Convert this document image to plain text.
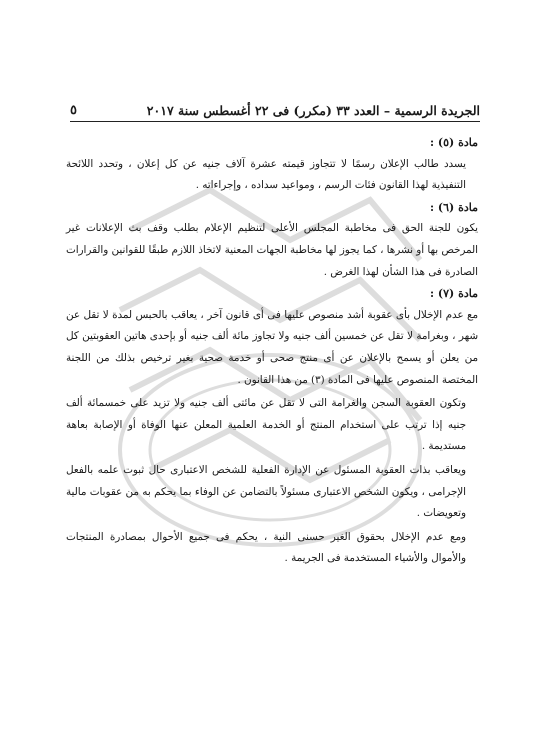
الجريدة الرسمية – العدد ٣٣ (مكرر) فى ٢٢ أغسطس سنة ٢٠١٧
٥

مادة (٥) :

يسدد طالب الإعلان رسمًا لا تتجاوز قيمته عشرة آلاف جنيه عن كل إعلان ، وتحدد اللائحة التنفيذية لهذا القانون فئات الرسم ، ومواعيد سداده ، وإجراءاته .

مادة (٦) :

يكون للجنة الحق فى مخاطبة المجلس الأعلى لتنظيم الإعلام بطلب وقف بث الإعلانات غير المرخص بها أو نشرها ، كما يجوز لها مخاطبة الجهات المعنية لاتخاذ اللازم طبقًا للقوانين والقرارات الصادرة فى هذا الشأن لهذا الغرض .

مادة (٧) :

مع عدم الإخلال بأى عقوبة أشد منصوص عليها فى أى قانون آخر ، يعاقب بالحبس لمدة لا تقل عن شهر ، وبغرامة لا تقل عن خمسين ألف جنيه ولا تجاوز مائة ألف جنيه أو بإحدى هاتين العقوبتين كل من يعلن أو يسمح بالإعلان عن أى منتج صحى أو خدمة صحية بغير ترخيص بذلك من اللجنة المختصة المنصوص عليها فى المادة (٣) من هذا القانون .

وتكون العقوبة السجن والغرامة التى لا تقل عن مائتى ألف جنيه ولا تزيد على خمسمائة ألف جنيه إذا ترتب على استخدام المنتج أو الخدمة العلمية المعلن عنها الوفاة أو الإصابة بعاهة مستديمة .

ويعاقب بذات العقوبة المسئول عن الإدارة الفعلية للشخص الاعتبارى حال ثبوت علمه بالفعل الإجرامى ، ويكون الشخص الاعتبارى مسئولاً بالتضامن عن الوفاء بما يحكم به من عقوبات مالية وتعويضات .

ومع عدم الإخلال بحقوق الغير حسنى النية ، يحكم فى جميع الأحوال بمصادرة المنتجات والأموال والأشياء المستخدمة فى الجريمة .
